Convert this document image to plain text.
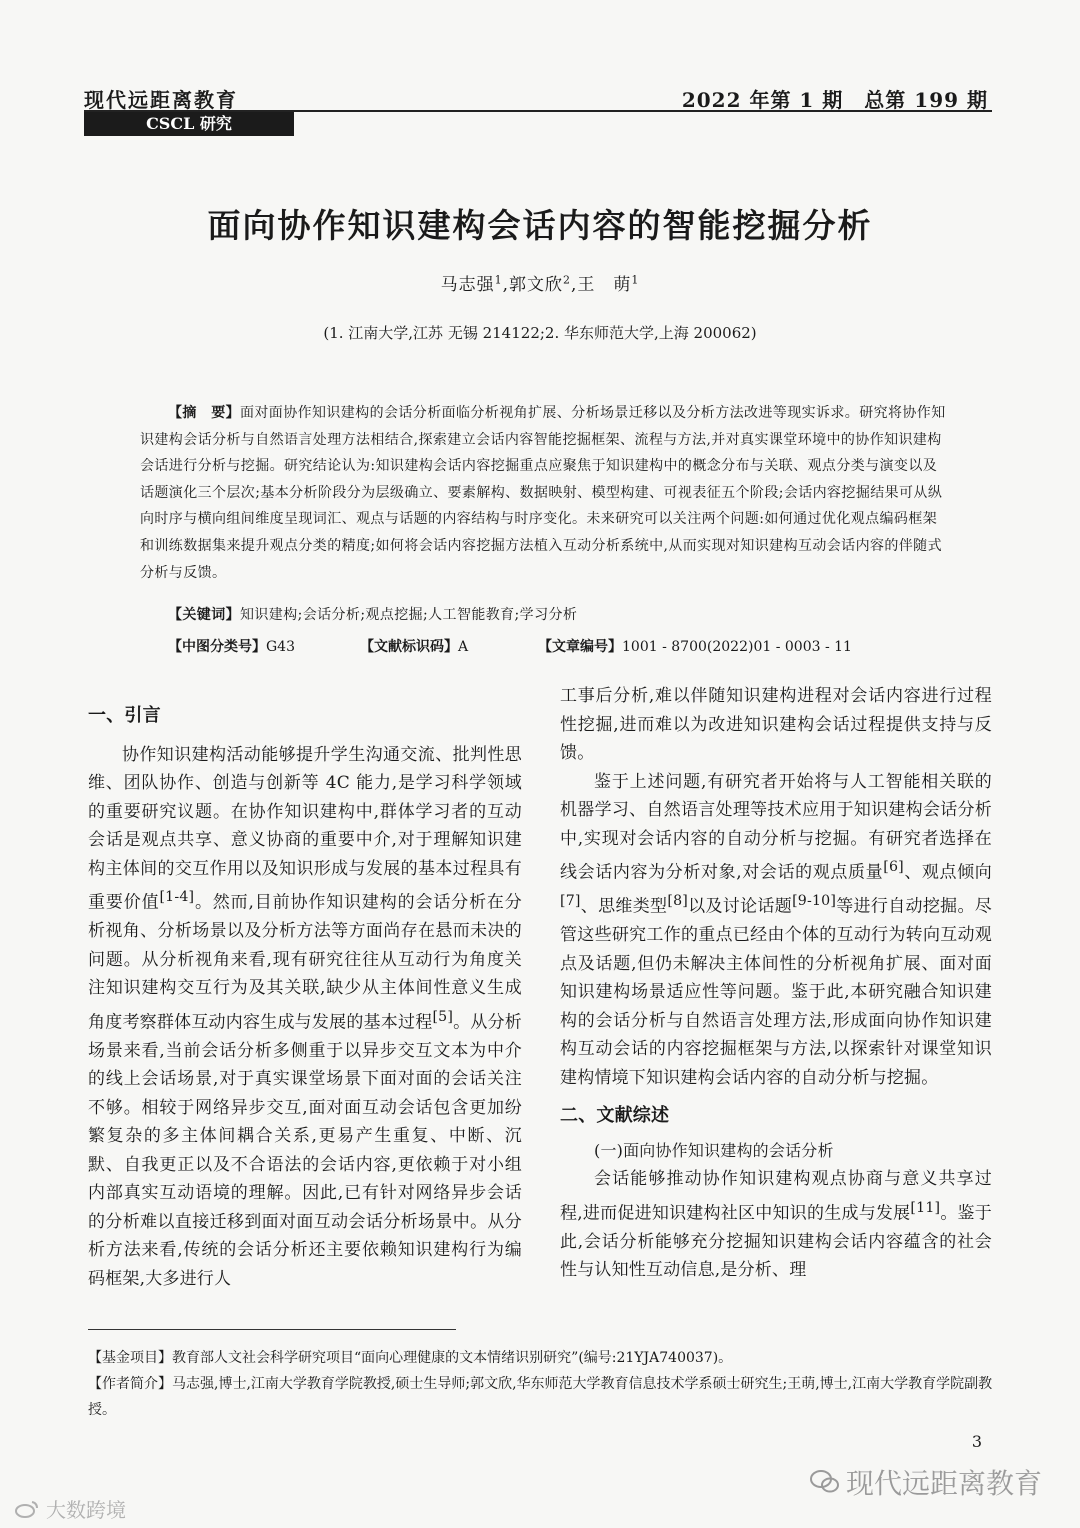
现代远距离教育	2022 年第 1 期　总第 199 期
CSCL 研究
面向协作知识建构会话内容的智能挖掘分析
马志强$^1$,郭文欣$^2$,王　萌$^1$
(1. 江南大学,江苏 无锡 214122;2. 华东师范大学,上海 200062)
【摘　要】面对面协作知识建构的会话分析面临分析视角扩展、分析场景迁移以及分析方法改进等现实诉求。研究将协作知识建构会话分析与自然语言处理方法相结合,探索建立会话内容智能挖掘框架、流程与方法,并对真实课堂环境中的协作知识建构会话进行分析与挖掘。研究结论认为:知识建构会话内容挖掘重点应聚焦于知识建构中的概念分布与关联、观点分类与演变以及话题演化三个层次;基本分析阶段分为层级确立、要素解构、数据映射、模型构建、可视表征五个阶段;会话内容挖掘结果可从纵向时序与横向组间维度呈现词汇、观点与话题的内容结构与时序变化。未来研究可以关注两个问题:如何通过优化观点编码框架和训练数据集来提升观点分类的精度;如何将会话内容挖掘方法植入互动分析系统中,从而实现对知识建构互动会话内容的伴随式分析与反馈。
【关键词】知识建构;会话分析;观点挖掘;人工智能教育;学习分析
【中图分类号】G43	【文献标识码】A	【文章编号】1001 - 8700(2022)01 - 0003 - 11
一、引言

协作知识建构活动能够提升学生沟通交流、批判性思维、团队协作、创造与创新等 4C 能力,是学习科学领域的重要研究议题。在协作知识建构中,群体学习者的互动会话是观点共享、意义协商的重要中介,对于理解知识建构主体间的交互作用以及知识形成与发展的基本过程具有重要价值[1-4]。然而,目前协作知识建构的会话分析在分析视角、分析场景以及分析方法等方面尚存在悬而未决的问题。从分析视角来看,现有研究往往从互动行为角度关注知识建构交互行为及其关联,缺少从主体间性意义生成角度考察群体互动内容生成与发展的基本过程[5]。从分析场景来看,当前会话分析多侧重于以异步交互文本为中介的线上会话场景,对于真实课堂场景下面对面的会话关注不够。相较于网络异步交互,面对面互动会话包含更加纷繁复杂的多主体间耦合关系,更易产生重复、中断、沉默、自我更正以及不合语法的会话内容,更依赖于对小组内部真实互动语境的理解。因此,已有针对网络异步会话的分析难以直接迁移到面对面互动会话分析场景中。从分析方法来看,传统的会话分析还主要依赖知识建构行为编码框架,大多进行人

工事后分析,难以伴随知识建构进程对会话内容进行过程性挖掘,进而难以为改进知识建构会话过程提供支持与反馈。

鉴于上述问题,有研究者开始将与人工智能相关联的机器学习、自然语言处理等技术应用于知识建构会话分析中,实现对会话内容的自动分析与挖掘。有研究者选择在线会话内容为分析对象,对会话的观点质量[6]、观点倾向[7]、思维类型[8]以及讨论话题[9-10]等进行自动挖掘。尽管这些研究工作的重点已经由个体的互动行为转向互动观点及话题,但仍未解决主体间性的分析视角扩展、面对面知识建构场景适应性等问题。鉴于此,本研究融合知识建构的会话分析与自然语言处理方法,形成面向协作知识建构互动会话的内容挖掘框架与方法,以探索针对课堂知识建构情境下知识建构会话内容的自动分析与挖掘。

二、文献综述
(一)面向协作知识建构的会话分析

会话能够推动协作知识建构观点协商与意义共享过程,进而促进知识建构社区中知识的生成与发展[11]。鉴于此,会话分析能够充分挖掘知识建构会话内容蕴含的社会性与认知性互动信息,是分析、理

【基金项目】教育部人文社会科学研究项目“面向心理健康的文本情绪识别研究”(编号:21YJA740037)。

【作者简介】马志强,博士,江南大学教育学院教授,硕士生导师;郭文欣,华东师范大学教育信息技术学系硕士研究生;王萌,博士,江南大学教育学院副教授。

3
现代远距离教育
大数跨境
